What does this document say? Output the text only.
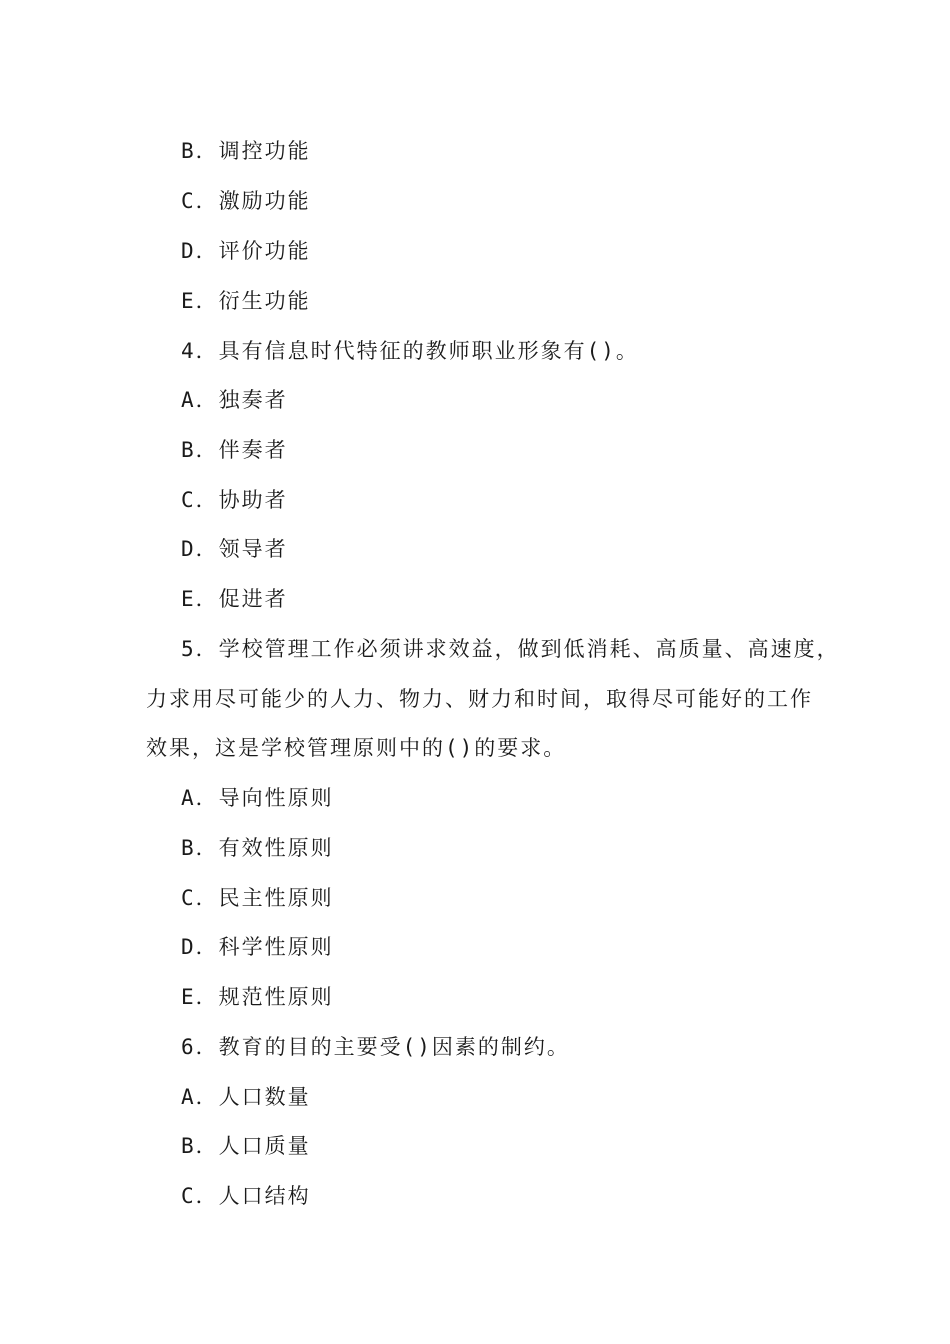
B．调控功能
C．激励功能
D．评价功能
E．衍生功能
4．具有信息时代特征的教师职业形象有()。
A．独奏者
B．伴奏者
C．协助者
D．领导者
E．促进者
5．学校管理工作必须讲求效益，做到低消耗、高质量、高速度，
力求用尽可能少的人力、物力、财力和时间，取得尽可能好的工作
效果，这是学校管理原则中的()的要求。
A．导向性原则
B．有效性原则
C．民主性原则
D．科学性原则
E．规范性原则
6．教育的目的主要受()因素的制约。
A．人口数量
B．人口质量
C．人口结构
